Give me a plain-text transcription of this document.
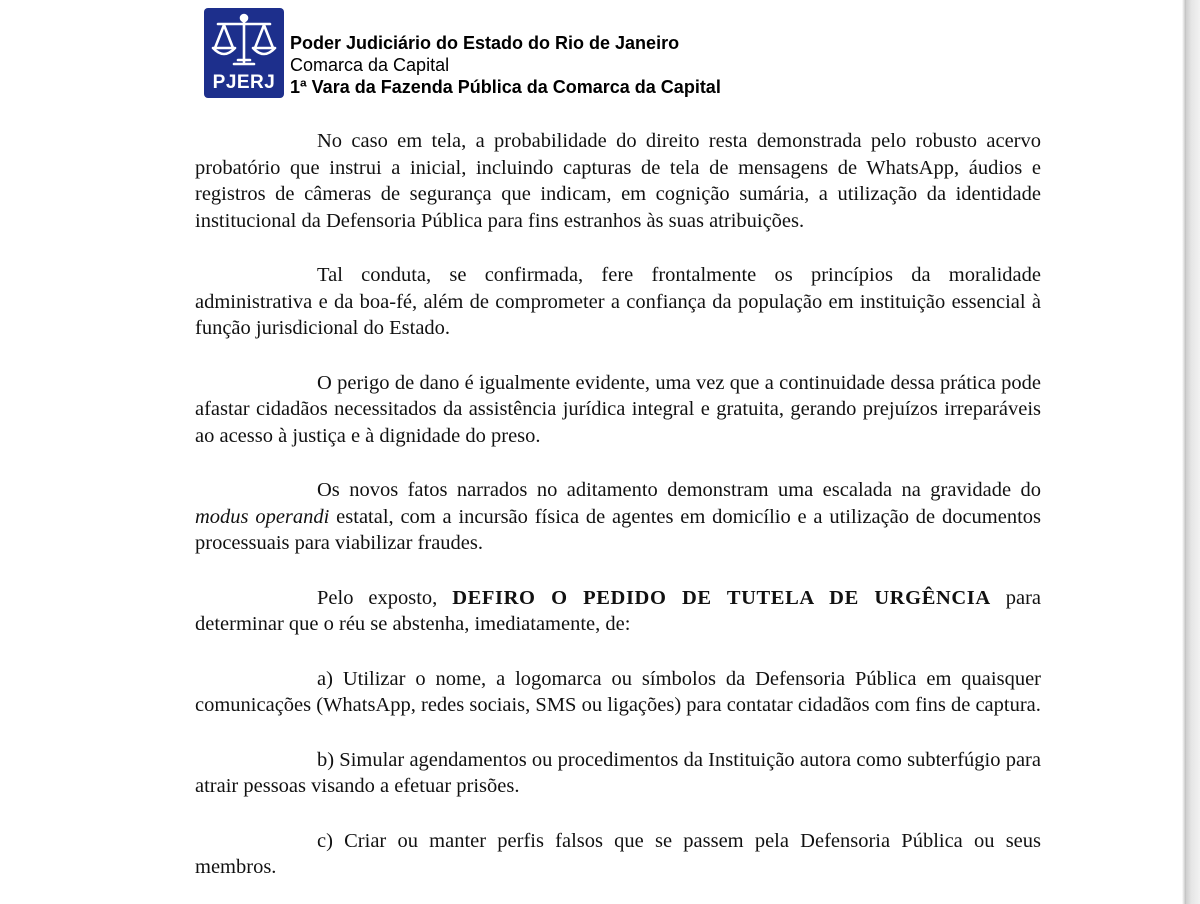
PJERJ
Poder Judiciário do Estado do Rio de Janeiro
Comarca da Capital
1ª Vara da Fazenda Pública da Comarca da Capital

No caso em tela, a probabilidade do direito resta demonstrada pelo robusto acervo probatório que instrui a inicial, incluindo capturas de tela de mensagens de WhatsApp, áudios e registros de câmeras de segurança que indicam, em cognição sumária, a utilização da identidade institucional da Defensoria Pública para fins estranhos às suas atribuições.

Tal conduta, se confirmada, fere frontalmente os princípios da moralidade administrativa e da boa-fé, além de comprometer a confiança da população em instituição essencial à função jurisdicional do Estado.

O perigo de dano é igualmente evidente, uma vez que a continuidade dessa prática pode afastar cidadãos necessitados da assistência jurídica integral e gratuita, gerando prejuízos irreparáveis ao acesso à justiça e à dignidade do preso.

Os novos fatos narrados no aditamento demonstram uma escalada na gravidade do modus operandi estatal, com a incursão física de agentes em domicílio e a utilização de documentos processuais para viabilizar fraudes.

Pelo exposto, DEFIRO O PEDIDO DE TUTELA DE URGÊNCIA para determinar que o réu se abstenha, imediatamente, de:

a) Utilizar o nome, a logomarca ou símbolos da Defensoria Pública em quaisquer comunicações (WhatsApp, redes sociais, SMS ou ligações) para contatar cidadãos com fins de captura.

b) Simular agendamentos ou procedimentos da Instituição autora como subterfúgio para atrair pessoas visando a efetuar prisões.

c) Criar ou manter perfis falsos que se passem pela Defensoria Pública ou seus membros.
